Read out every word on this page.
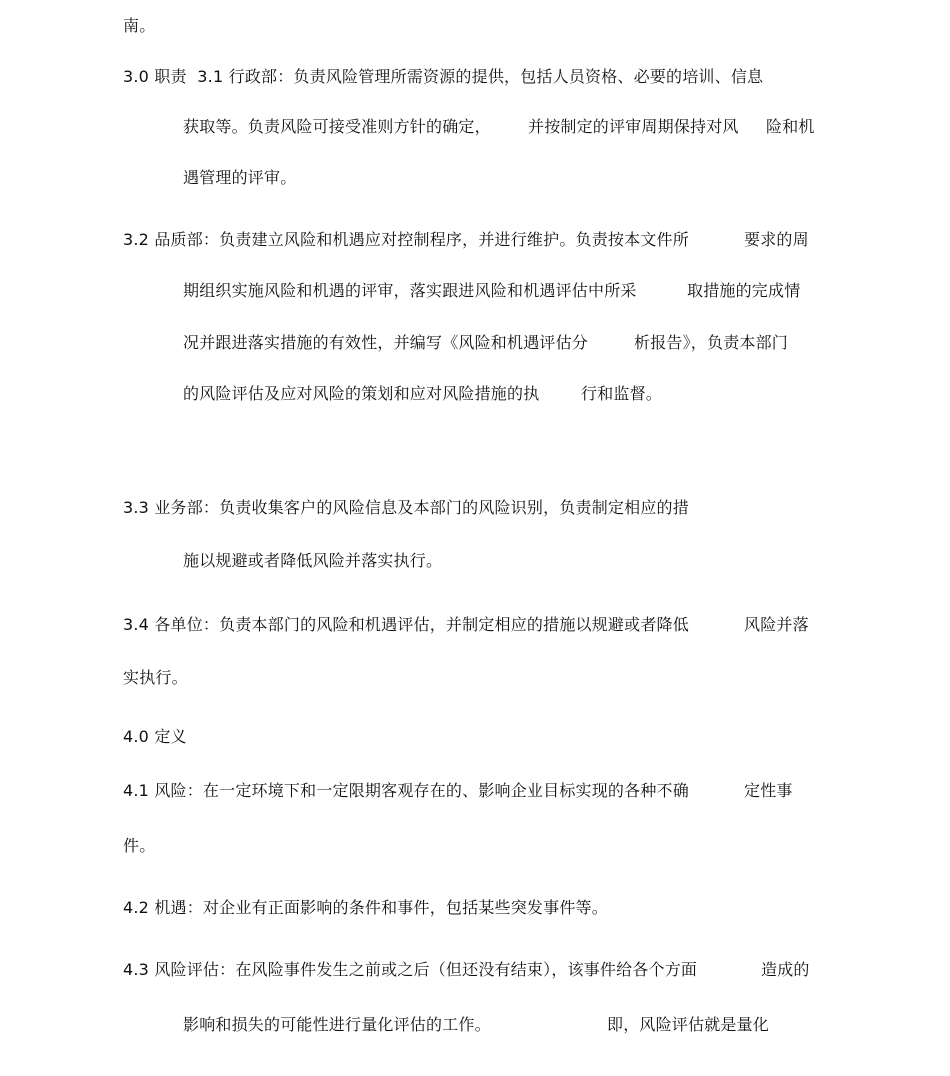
南。
3.0 职责  3.1 行政部：负责风险管理所需资源的提供，包括人员资格、必要的培训、信息
获取等。负责风险可接受准则方针的确定， 并按制定的评审周期保持对风 险和机
遇管理的评审。
3.2 品质部：负责建立风险和机遇应对控制程序，并进行维护。负责按本文件所	要求的周
期组织实施风险和机遇的评审，落实跟进风险和机遇评估中所采	取措施的完成情
况并跟进落实措施的有效性，并编写《风险和机遇评估分	析报告》，负责本部门
的风险评估及应对风险的策划和应对风险措施的执	行和监督。
3.3 业务部：负责收集客户的风险信息及本部门的风险识别，负责制定相应的措
施以规避或者降低风险并落实执行。
3.4 各单位：负责本部门的风险和机遇评估，并制定相应的措施以规避或者降低	风险并落
实执行。
4.0 定义
4.1 风险：在一定环境下和一定限期客观存在的、影响企业目标实现的各种不确	定性事
件。
4.2 机遇：对企业有正面影响的条件和事件，包括某些突发事件等。
4.3 风险评估：在风险事件发生之前或之后（但还没有结束），该事件给各个方面	造成的
影响和损失的可能性进行量化评估的工作。	即，风险评估就是量化
